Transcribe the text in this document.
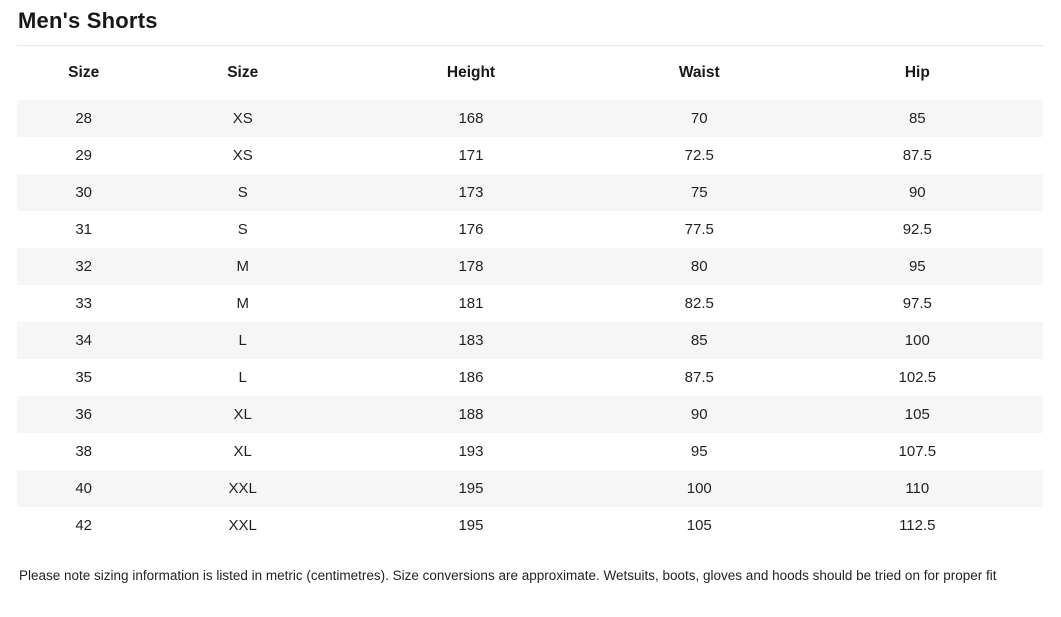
Men's Shorts
Size	Size	Height	Waist	Hip
28	XS	168	70	85
29	XS	171	72.5	87.5
30	S	173	75	90
31	S	176	77.5	92.5
32	M	178	80	95
33	M	181	82.5	97.5
34	L	183	85	100
35	L	186	87.5	102.5
36	XL	188	90	105
38	XL	193	95	107.5
40	XXL	195	100	110
42	XXL	195	105	112.5

Please note sizing information is listed in metric (centimetres). Size conversions are approximate. Wetsuits, boots, gloves and hoods should be tried on for proper fit
